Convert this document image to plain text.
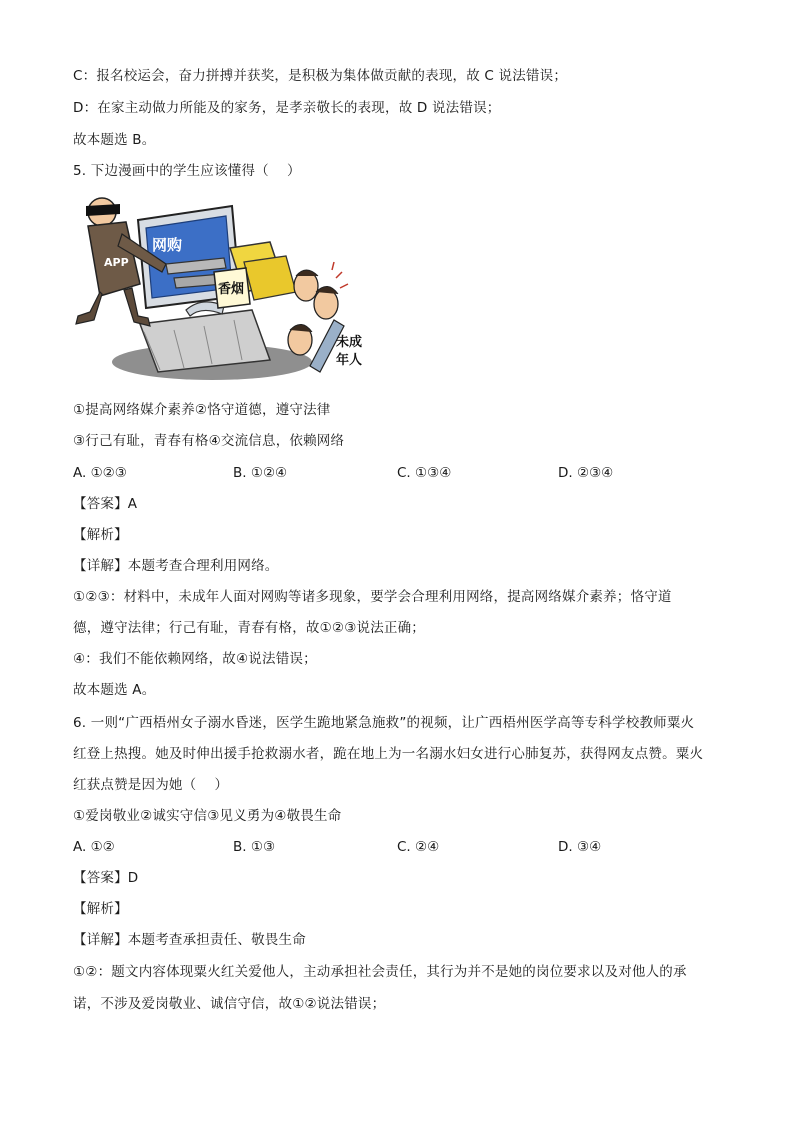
C：报名校运会，奋力拼搏并获奖，是积极为集体做贡献的表现，故 C 说法错误；
D：在家主动做力所能及的家务，是孝亲敬长的表现，故 D 说法错误；
故本题选 B。
5. 下边漫画中的学生应该懂得（　 ）
网购
香烟
APP
未成
年人
①提高网络媒介素养②恪守道德，遵守法律
③行己有耻，青春有格④交流信息，依赖网络
A. ①②③	B. ①②④	C. ①③④	D. ②③④
【答案】A
【解析】
【详解】本题考查合理利用网络。
①②③：材料中，未成年人面对网购等诸多现象，要学会合理利用网络，提高网络媒介素养；恪守道
德，遵守法律；行己有耻，青春有格，故①②③说法正确；
④：我们不能依赖网络，故④说法错误；
故本题选 A。
6. 一则“广西梧州女子溺水昏迷，医学生跪地紧急施救”的视频，让广西梧州医学高等专科学校教师粟火
红登上热搜。她及时伸出援手抢救溺水者，跪在地上为一名溺水妇女进行心肺复苏，获得网友点赞。粟火
红获点赞是因为她（　 ）
①爱岗敬业②诚实守信③见义勇为④敬畏生命
A. ①②	B. ①③	C. ②④	D. ③④
【答案】D
【解析】
【详解】本题考查承担责任、敬畏生命
①②：题文内容体现粟火红关爱他人，主动承担社会责任，其行为并不是她的岗位要求以及对他人的承
诺，不涉及爱岗敬业、诚信守信，故①②说法错误；
